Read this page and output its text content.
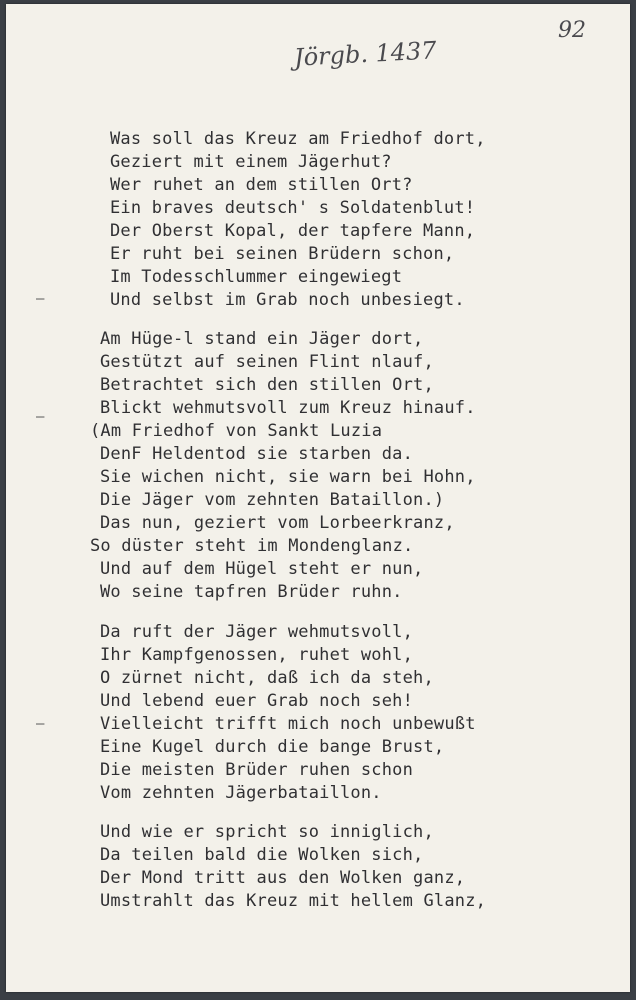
Jörgb. 1437
92
Was soll das Kreuz am Friedhof dort,
Geziert mit einem Jägerhut?
Wer ruhet an dem stillen Ort?
Ein braves deutsch' s Soldatenblut!
Der Oberst Kopal, der tapfere Mann,
Er ruht bei seinen Brüdern schon,
Im Todesschlummer eingewiegt
Und selbst im Grab noch unbesiegt.
Am Hüge-l stand ein Jäger dort,
Gestützt auf seinen Flint nlauf,
Betrachtet sich den stillen Ort,
Blickt wehmutsvoll zum Kreuz hinauf.
(Am Friedhof von Sankt Luzia
DenF Heldentod sie starben da.
Sie wichen nicht, sie warn bei Hohn,
Die Jäger vom zehnten Bataillon.)
Das nun, geziert vom Lorbeerkranz,
So düster steht im Mondenglanz.
Und auf dem Hügel steht er nun,
Wo seine tapfren Brüder ruhn.
Da ruft der Jäger wehmutsvoll,
Ihr Kampfgenossen, ruhet wohl,
O zürnet nicht, daß ich da steh,
Und lebend euer Grab noch seh!
Vielleicht trifft mich noch unbewußt
Eine Kugel durch die bange Brust,
Die meisten Brüder ruhen schon
Vom zehnten Jägerbataillon.
Und wie er spricht so inniglich,
Da teilen bald die Wolken sich,
Der Mond tritt aus den Wolken ganz,
Umstrahlt das Kreuz mit hellem Glanz,
—
—
—
